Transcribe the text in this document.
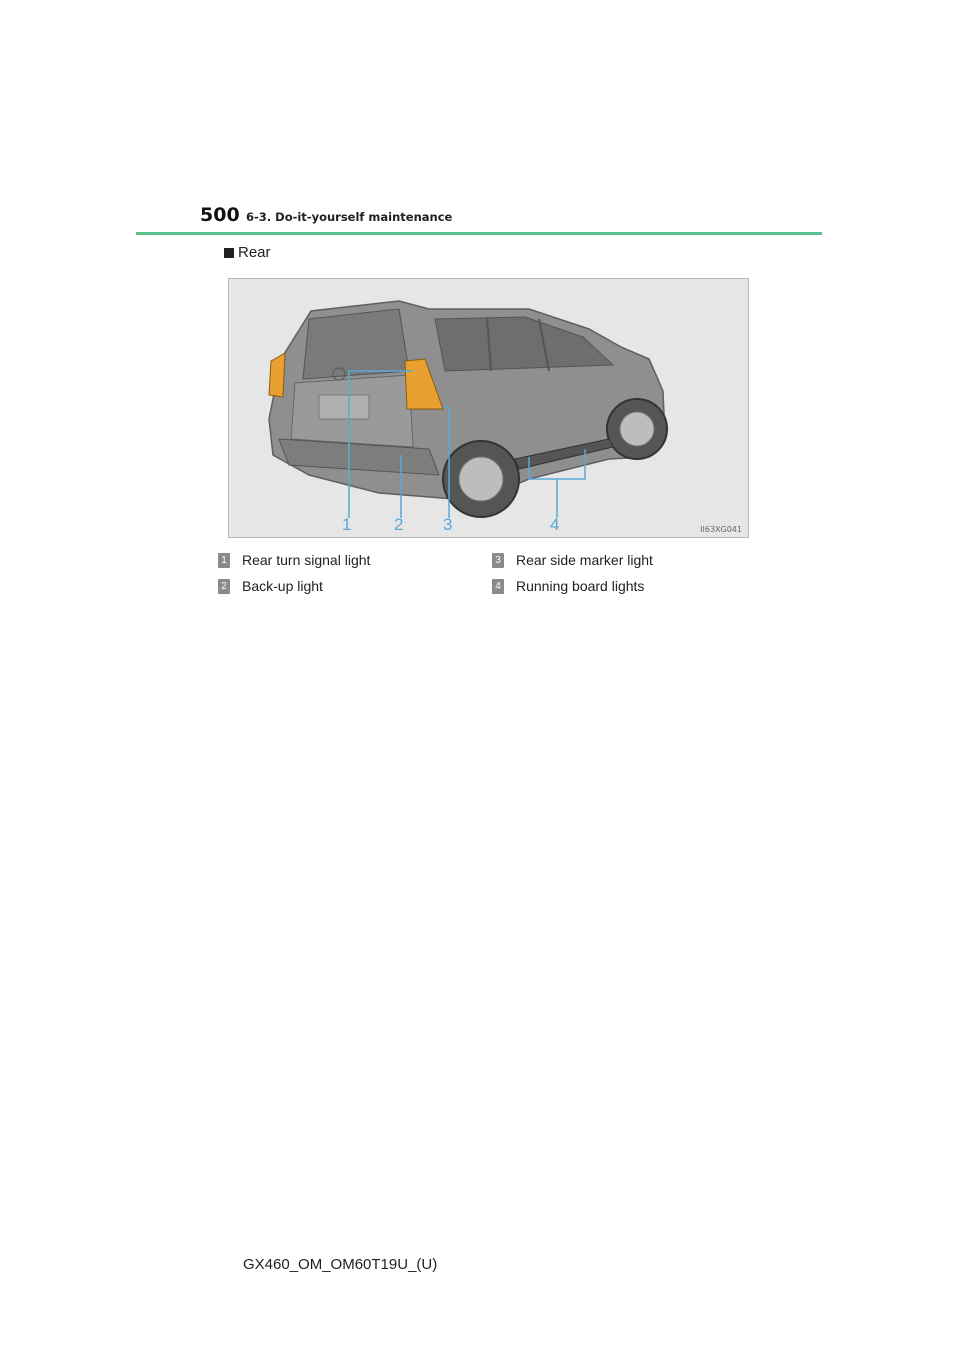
500 6-3. Do-it-yourself maintenance
Rear
1	2 3	4	II63XG041
1 Rear turn signal light
2 Back-up light
3 Rear side marker light
4 Running board lights
GX460_OM_OM60T19U_(U)
